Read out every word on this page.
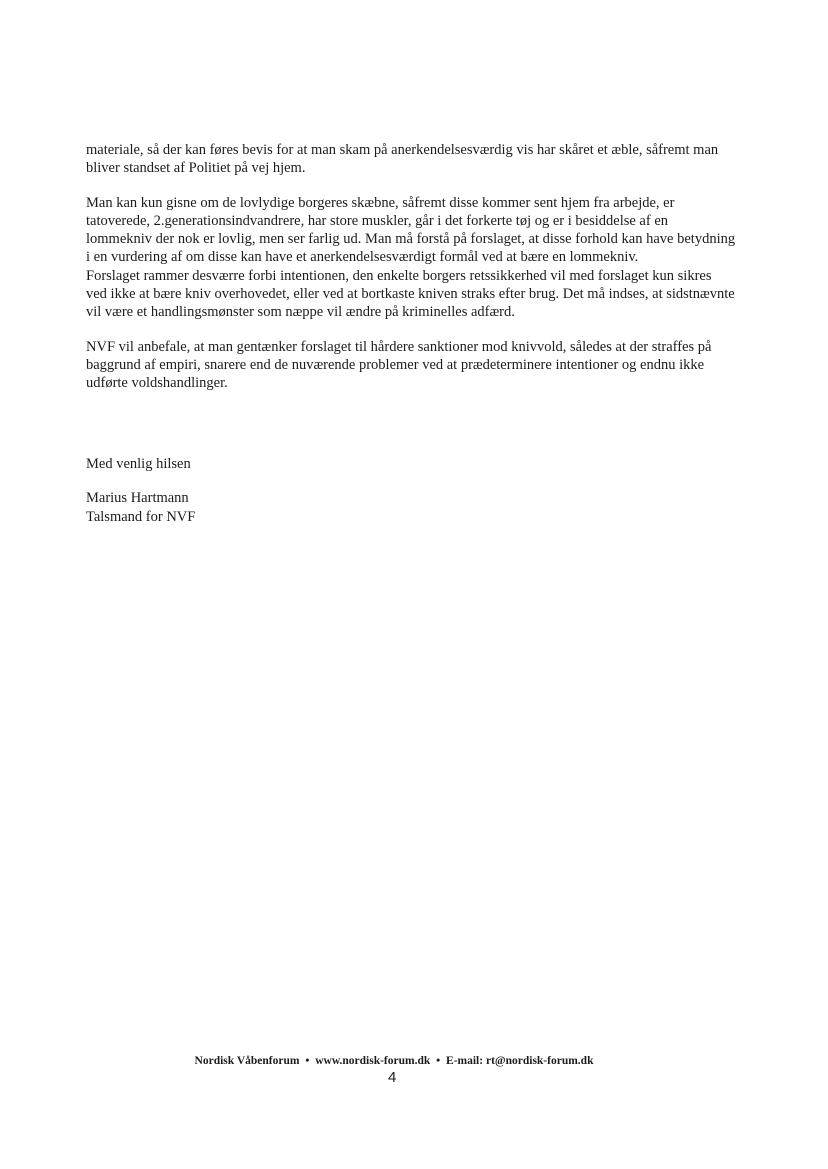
materiale, så der kan føres bevis for at man skam på anerkendelsesværdig vis har skåret et æble, såfremt man bliver standset af Politiet på vej hjem.

Man kan kun gisne om de lovlydige borgeres skæbne, såfremt disse kommer sent hjem fra arbejde, er tatoverede, 2.generationsindvandrere, har store muskler, går i det forkerte tøj og er i besiddelse af en lommekniv der nok er lovlig, men ser farlig ud. Man må forstå på forslaget, at disse forhold kan have betydning i en vurdering af om disse kan have et anerkendelsesværdigt formål ved at bære en lommekniv.

Forslaget rammer desværre forbi intentionen, den enkelte borgers retssikkerhed vil med forslaget kun sikres ved ikke at bære kniv overhovedet, eller ved at bortkaste kniven straks efter brug. Det må indses, at sidstnævnte vil være et handlingsmønster som næppe vil ændre på kriminelles adfærd.

NVF vil anbefale, at man gentænker forslaget til hårdere sanktioner mod knivvold, således at der straffes på baggrund af empiri, snarere end de nuværende problemer ved at prædeterminere intentioner og endnu ikke udførte voldshandlinger.

Med venlig hilsen

Marius Hartmann

Talsmand for NVF

Nordisk Våbenforum • www.nordisk-forum.dk • E-mail: rt@nordisk-forum.dk
4
